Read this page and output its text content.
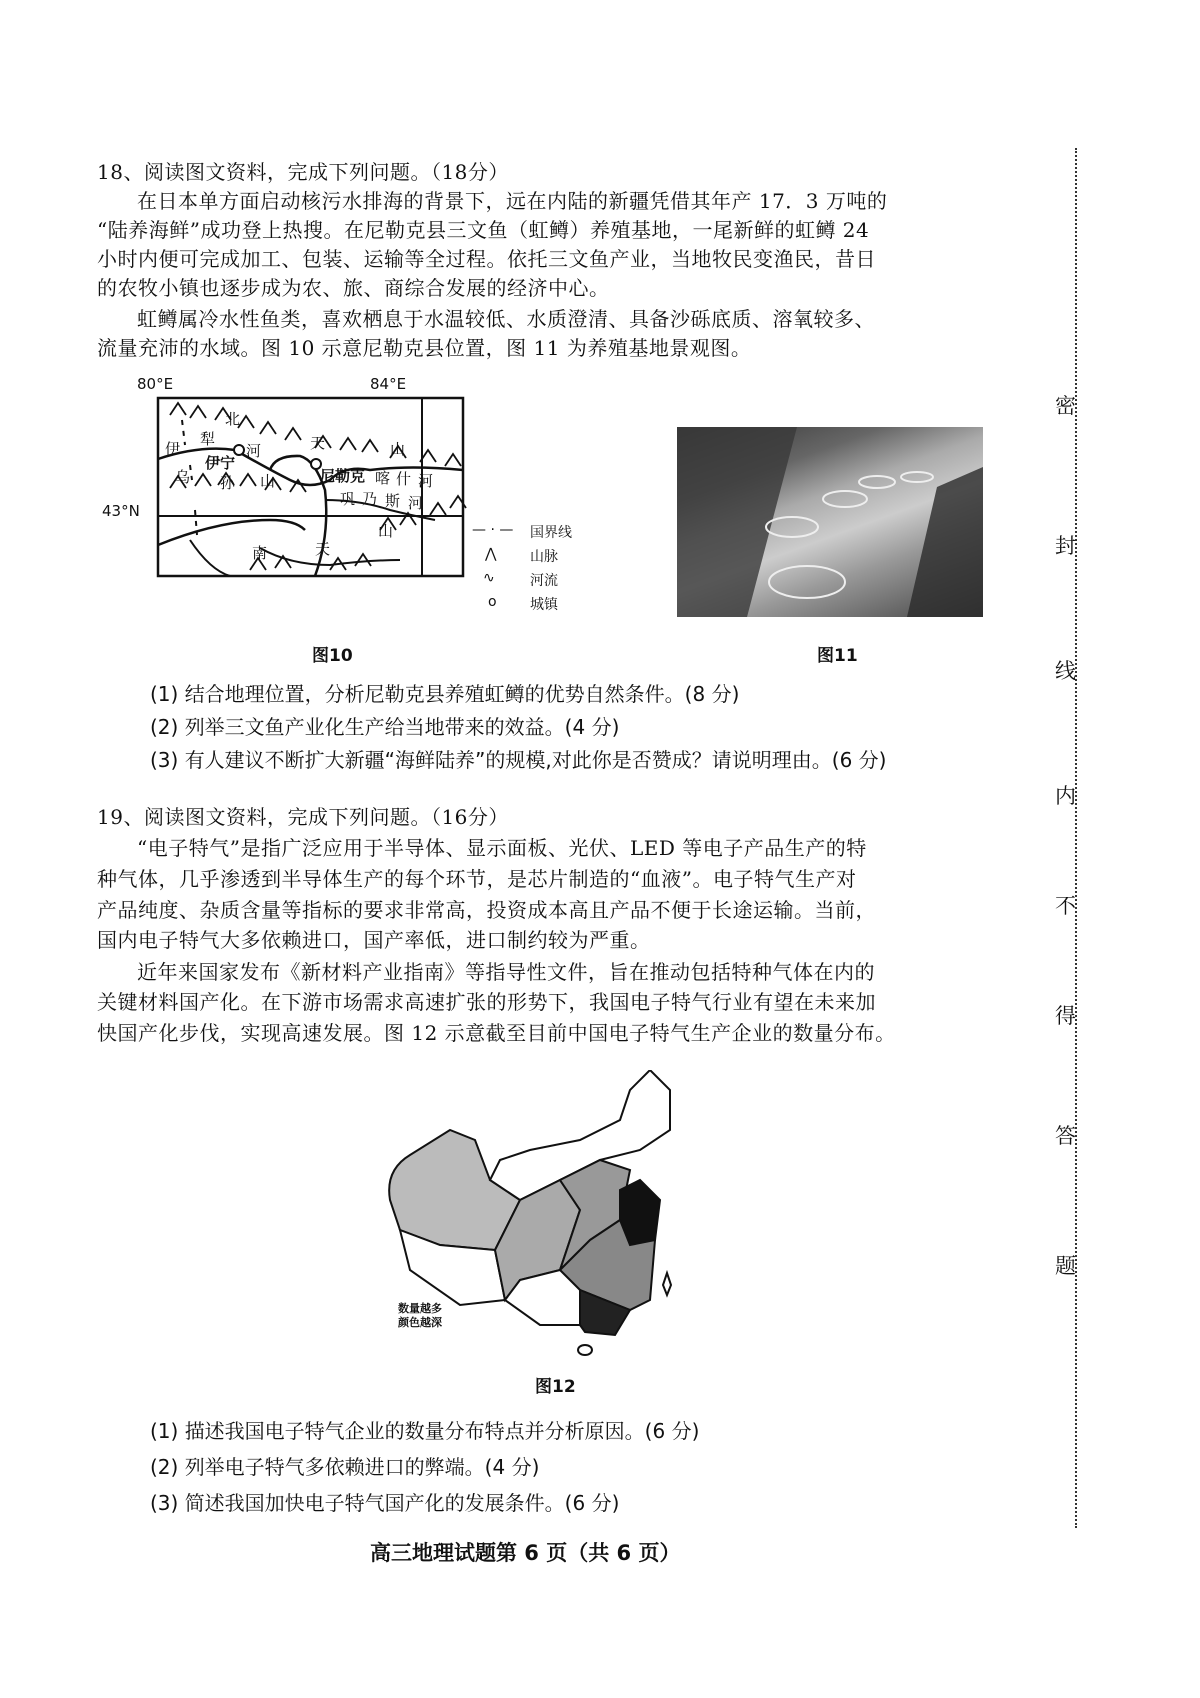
18、阅读图文资料，完成下列问题。（18分）
在日本单方面启动核污水排海的背景下，远在内陆的新疆凭借其年产 17．3 万吨的
“陆养海鲜”成功登上热搜。在尼勒克县三文鱼（虹鳟）养殖基地，一尾新鲜的虹鳟 24
小时内便可完成加工、包装、运输等全过程。依托三文鱼产业，当地牧民变渔民，昔日
的农牧小镇也逐步成为农、旅、商综合发展的经济中心。
虹鳟属冷水性鱼类，喜欢栖息于水温较低、水质澄清、具备沙砾底质、溶氧较多、
流量充沛的水域。图 10 示意尼勒克县位置，图 11 为养殖基地景观图。
80°E	84°E
43°N
北
天	山
伊
犁
河
伊宁
乌 孙 山	尼勒克 喀 什 河
巩 乃 斯 河
南	天
山	— · — 国界线
⋀ 山脉
∿	河流
o 城镇
图10	图11
(1) 结合地理位置，分析尼勒克县养殖虹鳟的优势自然条件。(8 分)
(2) 列举三文鱼产业化生产给当地带来的效益。(4 分)
(3) 有人建议不断扩大新疆“海鲜陆养”的规模,对此你是否赞成？请说明理由。(6 分)
19、阅读图文资料，完成下列问题。（16分）
“电子特气”是指广泛应用于半导体、显示面板、光伏、LED 等电子产品生产的特
种气体，几乎渗透到半导体生产的每个环节，是芯片制造的“血液”。电子特气生产对
产品纯度、杂质含量等指标的要求非常高，投资成本高且产品不便于长途运输。当前，
国内电子特气大多依赖进口，国产率低，进口制约较为严重。
近年来国家发布《新材料产业指南》等指导性文件，旨在推动包括特种气体在内的
关键材料国产化。在下游市场需求高速扩张的形势下，我国电子特气行业有望在未来加
快国产化步伐，实现高速发展。图 12 示意截至目前中国电子特气生产企业的数量分布。
数量越多
颜色越深
图12
(1) 描述我国电子特气企业的数量分布特点并分析原因。(6 分)
(2) 列举电子特气多依赖进口的弊端。(4 分)
(3) 简述我国加快电子特气国产化的发展条件。(6 分)
高三地理试题第 6 页（共 6 页）
密
封
线
内
不
得
答
题
